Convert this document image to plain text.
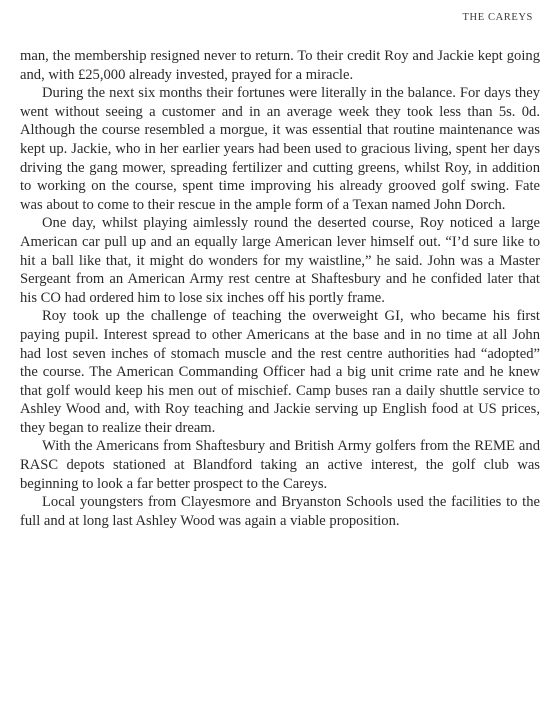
THE CAREYS

man, the membership resigned never to return. To their credit Roy and Jackie kept going and, with £25,000 already invested, prayed for a miracle.

During the next six months their fortunes were literally in the balance. For days they went without seeing a customer and in an average week they took less than 5s. 0d. Although the course resembled a morgue, it was essential that routine maintenance was kept up. Jackie, who in her earlier years had been used to gracious living, spent her days driving the gang mower, spreading fertilizer and cutting greens, whilst Roy, in addition to working on the course, spent time improving his already grooved golf swing. Fate was about to come to their rescue in the ample form of a Texan named John Dorch.

One day, whilst playing aimlessly round the deserted course, Roy noticed a large American car pull up and an equally large American lever himself out. “I’d sure like to hit a ball like that, it might do wonders for my waistline,” he said. John was a Master Sergeant from an American Army rest centre at Shaftesbury and he confided later that his CO had ordered him to lose six inches off his portly frame.

Roy took up the challenge of teaching the overweight GI, who became his first paying pupil. Interest spread to other Americans at the base and in no time at all John had lost seven inches of stomach muscle and the rest centre authorities had “adopted” the course. The American Commanding Officer had a big unit crime rate and he knew that golf would keep his men out of mischief. Camp buses ran a daily shuttle service to Ashley Wood and, with Roy teaching and Jackie serving up English food at US prices, they began to realize their dream.

With the Americans from Shaftesbury and British Army golfers from the REME and RASC depots stationed at Blandford taking an active interest, the golf club was beginning to look a far better prospect to the Careys.

Local youngsters from Clayesmore and Bryanston Schools used the facilities to the full and at long last Ashley Wood was again a viable proposition.
